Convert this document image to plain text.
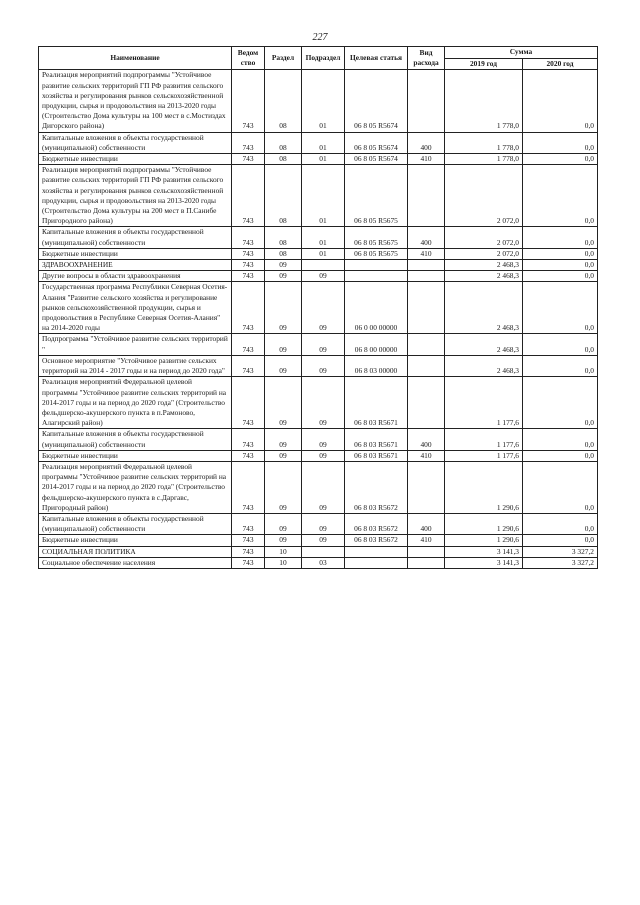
227
Наименование	Ведом ство	Раздел	Подраздел	Целевая статья	Вид расхода	Сумма	
						2019 год	2020 год
Реализация мероприятий подпрограммы "Устойчивое развитие сельских территорий ГП РФ развития сельского хозяйства и регулирования рынков сельскохозяйственной продукции, сырья и продовольствия на 2013-2020 годы (Строительство Дома культуры на 100 мест в с.Мостиздах Дигорского района)	743	08	01	06 8 05 R5674		1 778,0	0,0
Капитальные вложения в объекты государственной (муниципальной) собственности	743	08	01	06 8 05 R5674	400	1 778,0	0,0
Бюджетные инвестиции	743	08	01	06 8 05 R5674	410	1 778,0	0,0
Реализация мероприятий подпрограммы "Устойчивое развитие сельских территорий ГП РФ развития сельского хозяйства и регулирования рынков сельскохозяйственной продукции, сырья и продовольствия на 2013-2020 годы (Строительство Дома культуры на 200 мест в П.Санибе Пригородного района)	743	08	01	06 8 05 R5675		2 072,0	0,0
Капитальные вложения в объекты государственной (муниципальной) собственности	743	08	01	06 8 05 R5675	400	2 072,0	0,0
Бюджетные инвестиции	743	08	01	06 8 05 R5675	410	2 072,0	0,0
ЗДРАВООХРАНЕНИЕ	743	09				2 468,3	0,0
Другие вопросы в области здравоохранения	743	09	09			2 468,3	0,0
Государственная программа Республики Северная Осетия-Алания "Развитие сельского хозяйства и регулирование рынков сельскохозяйственной продукции, сырья и продовольствия в Республике Северная Осетия-Алания" на 2014-2020 годы	743	09	09	06 0 00 00000		2 468,3	0,0
Подпрограмма "Устойчивое развитие сельских территорий "	743	09	09	06 8 00 00000		2 468,3	0,0
Основное мероприятие "Устойчивое развитие сельских территорий на 2014 - 2017 годы и на период до 2020 года"	743	09	09	06 8 03 00000		2 468,3	0,0
Реализация мероприятий Федеральной целевой программы "Устойчивое развитие сельских территорий на 2014-2017 годы и на период до 2020 года" (Строительство фельдшерско-акушерского пункта в п.Рамоново, Алагирский район)	743	09	09	06 8 03 R5671		1 177,6	0,0
Капитальные вложения в объекты государственной (муниципальной) собственности	743	09	09	06 8 03 R5671	400	1 177,6	0,0
Бюджетные инвестиции	743	09	09	06 8 03 R5671	410	1 177,6	0,0
Реализация мероприятий Федеральной целевой программы "Устойчивое развитие сельских территорий на 2014-2017 годы и на период до 2020 года" (Строительство фельдшерско-акушерского пункта в с.Даргавс, Пригородный район)	743	09	09	06 8 03 R5672		1 290,6	0,0
Капитальные вложения в объекты государственной (муниципальной) собственности	743	09	09	06 8 03 R5672	400	1 290,6	0,0
Бюджетные инвестиции	743	09	09	06 8 03 R5672	410	1 290,6	0,0
СОЦИАЛЬНАЯ ПОЛИТИКА	743	10				3 141,3	3 327,2
Социальное обеспечение населения	743	10	03			3 141,3	3 327,2
